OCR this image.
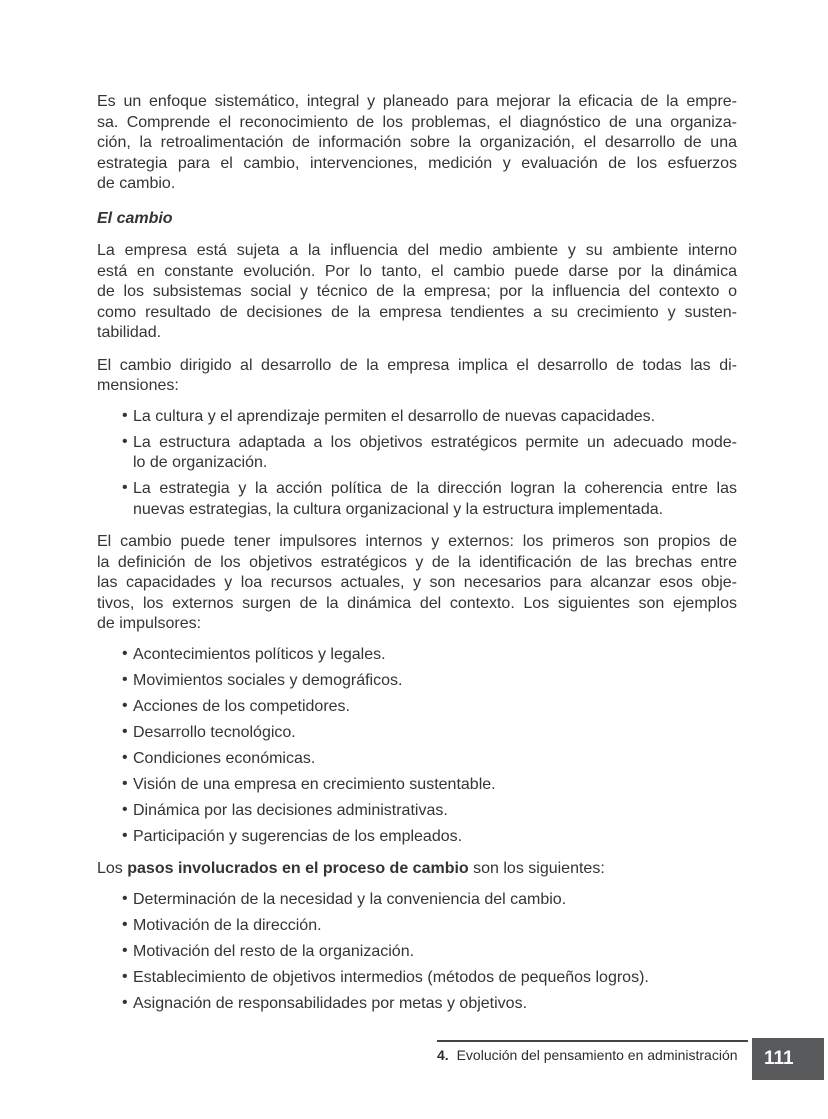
Es un enfoque sistemático, integral y planeado para mejorar la eficacia de la empre-
sa. Comprende el reconocimiento de los problemas, el diagnóstico de una organiza-
ción, la retroalimentación de información sobre la organización, el desarrollo de una
estrategia para el cambio, intervenciones, medición y evaluación de los esfuerzos
de cambio.
El cambio
La empresa está sujeta a la influencia del medio ambiente y su ambiente interno
está en constante evolución. Por lo tanto, el cambio puede darse por la dinámica
de los subsistemas social y técnico de la empresa; por la influencia del contexto o
como resultado de decisiones de la empresa tendientes a su crecimiento y susten-
tabilidad.
El cambio dirigido al desarrollo de la empresa implica el desarrollo de todas las di-
mensiones:
• La cultura y el aprendizaje permiten el desarrollo de nuevas capacidades.
• La estructura adaptada a los objetivos estratégicos permite un adecuado mode-
lo de organización.
• La estrategia y la acción política de la dirección logran la coherencia entre las
nuevas estrategias, la cultura organizacional y la estructura implementada.
El cambio puede tener impulsores internos y externos: los primeros son propios de
la definición de los objetivos estratégicos y de la identificación de las brechas entre
las capacidades y loa recursos actuales, y son necesarios para alcanzar esos obje-
tivos, los externos surgen de la dinámica del contexto. Los siguientes son ejemplos
de impulsores:
• Acontecimientos políticos y legales.
• Movimientos sociales y demográficos.
• Acciones de los competidores.
• Desarrollo tecnológico.
• Condiciones económicas.
• Visión de una empresa en crecimiento sustentable.
• Dinámica por las decisiones administrativas.
• Participación y sugerencias de los empleados.
Los pasos involucrados en el proceso de cambio son los siguientes:
• Determinación de la necesidad y la conveniencia del cambio.
• Motivación de la dirección.
• Motivación del resto de la organización.
• Establecimiento de objetivos intermedios (métodos de pequeños logros).
• Asignación de responsabilidades por metas y objetivos.
4. Evolución del pensamiento en administración	111
